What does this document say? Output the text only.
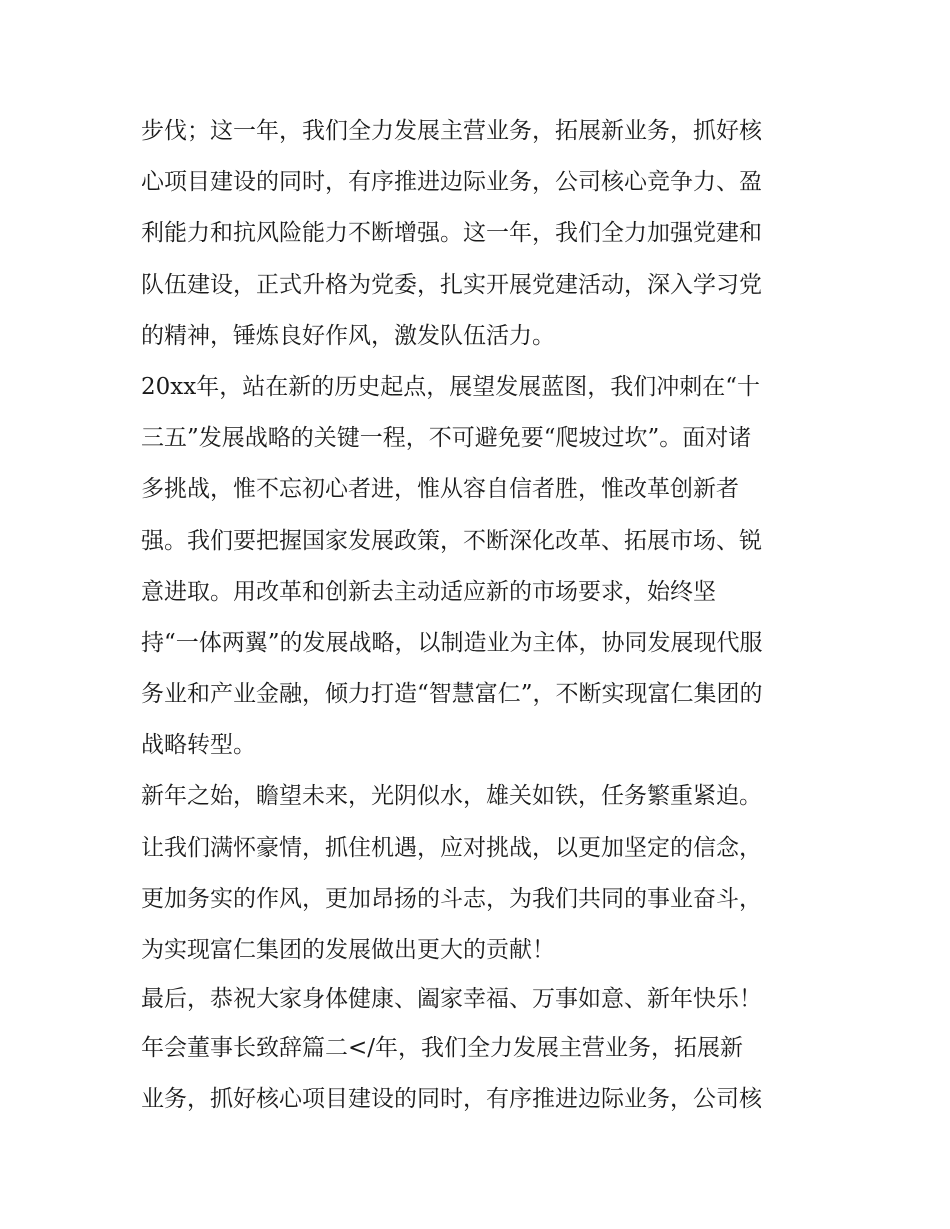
步伐；这一年，我们全力发展主营业务，拓展新业务，抓好核
心项目建设的同时，有序推进边际业务，公司核心竞争力、盈
利能力和抗风险能力不断增强。这一年，我们全力加强党建和
队伍建设，正式升格为党委，扎实开展党建活动，深入学习党
的精神，锤炼良好作风，激发队伍活力。
20xx年，站在新的历史起点，展望发展蓝图，我们冲刺在“十
三五”发展战略的关键一程，不可避免要“爬坡过坎”。面对诸
多挑战，惟不忘初心者进，惟从容自信者胜，惟改革创新者
强。我们要把握国家发展政策，不断深化改革、拓展市场、锐
意进取。用改革和创新去主动适应新的市场要求，始终坚
持“一体两翼”的发展战略，以制造业为主体，协同发展现代服
务业和产业金融，倾力打造“智慧富仁”，不断实现富仁集团的
战略转型。
新年之始，瞻望未来，光阴似水，雄关如铁，任务繁重紧迫。
让我们满怀豪情，抓住机遇，应对挑战，以更加坚定的信念，
更加务实的作风，更加昂扬的斗志，为我们共同的事业奋斗，
为实现富仁集团的发展做出更大的贡献！
最后，恭祝大家身体健康、阖家幸福、万事如意、新年快乐！
年会董事长致辞篇二</年，我们全力发展主营业务，拓展新
业务，抓好核心项目建设的同时，有序推进边际业务，公司核
